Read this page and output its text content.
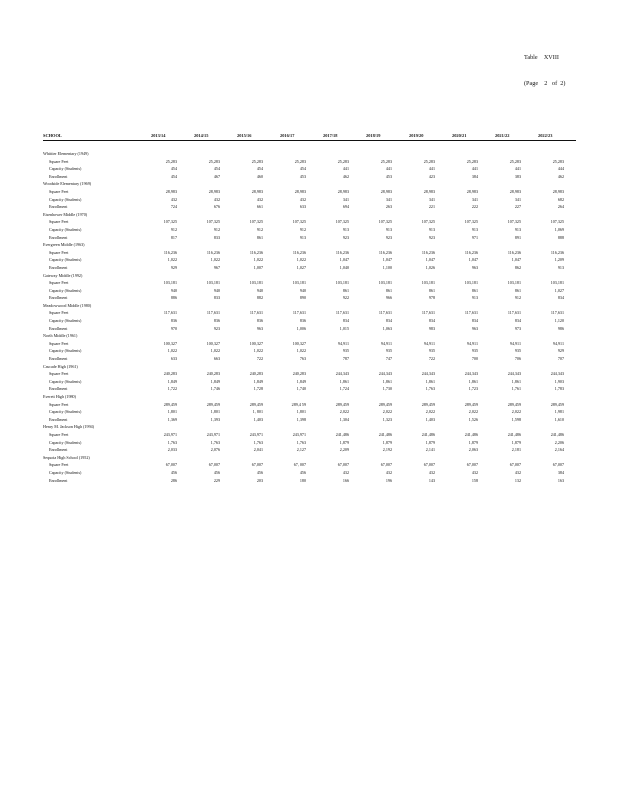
Table    XVIII

(Page    2   of  2)

SCHOOL	2013/14	2014/15	2015/16	2016/17	2017/18	2018/19	2019/20	2020/21	2021/22	2022/23
Whittier Elementary (1949)
Square Feet	25,283	25,283	25,283	25,283	25,283	25,283	25,283	25,283	25,283	25,283
Capacity (Students)	454	454	454	454	441	441	441	441	441	444
Enrollment	454	467	460	453	462	453	423	384	383	462
Woodside Elementary (1969)
Square Feet	28,983	28,983	28,983	28,983	28,983	28,983	28,983	28,983	28,983	28,983
Capacity (Students)	432	432	432	432	341	341	341	341	341	682
Enrollment	724	676	661	633	694	263	221	222	227	264
Eisenhower Middle (1970)
Square Feet	107,325	107,325	107,325	107,325	107,325	107,325	107,325	107,325	107,325	107,325
Capacity (Students)	912	912	912	912	913	913	913	913	913	1,069
Enrollment	817	833	861	913	923	923	923	971	891	888
Evergreen Middle (1963)
Square Feet	116,236	116,236	116,236	116,236	116,236	116,236	116,236	116,236	116,236	116,236
Capacity (Students)	1,022	1,022	1,022	1,022	1,047	1,047	1,047	1,047	1,047	1,209
Enrollment	929	967	1,007	1,027	1,040	1,100	1,026	963	862	913
Gateway Middle (1992)
Square Feet	103,181	103,181	103,181	103,181	103,181	103,181	103,181	103,181	103,181	103,181
Capacity (Students)	940	940	940	940	861	861	861	861	861	1,027
Enrollment	886	833	882	890	922	966	978	913	912	834
Meadowwood Middle (1980)
Square Feet	117,631	117,631	117,631	117,631	117,631	117,631	117,631	117,631	117,631	117,631
Capacity (Students)	836	836	836	836	834	834	834	834	834	1,120
Enrollment	970	923	963	1,006	1,015	1,063	983	963	973	986
North Middle (1961)
Square Feet	100,327	100,327	100,327	100,327	94,911	94,911	94,911	94,911	94,911	94,911
Capacity (Students)	1,022	1,022	1,022	1,022	935	935	935	935	935	929
Enrollment	633	663	722	763	787	747	722	700	706	707
Cascade High (1961)
Square Feet	240,283	240,283	240,283	240,283	244,343	244,343	244,343	244,343	244,343	244,343
Capacity (Students)	1,849	1,849	1,849	1,849	1,861	1,861	1,861	1,861	1,861	1,903
Enrollment	1,722	1,746	1,728	1,740	1,724	1,730	1,763	1,723	1,761	1,783
Everett High (1980)
Square Feet	289,459	289,459	289,459	289,4 59	289,459	289,459	289,459	289,459	289,459	289,459
Capacity (Students)	1,801	1,801	1, 801	1,801	2,022	2,022	2,022	2,022	2,022	1,981
Enrollment	1,369	1,393	1,403	1,398	1,304	1,323	1,403	1,526	1,598	1,610
Henry M. Jackson High (1994)
Square Feet	243,971	243,971	243,971	243,971	241,486	241,486	241,486	241,486	241,486	241,486
Capacity (Students)	1,763	1,763	1,763	1,763	1,879	1,879	1,879	1,879	1,879	2,206
Enrollment	2,033	2,076	2,041	2,127	2,209	2,192	2,141	2,063	2,181	2,164
Sequoia High School (1952)
Square Feet	67,007	67,007	67,007	67, 007	67,007	67,007	67,007	67,007	67,007	67,007
Capacity (Students)	456	456	456	456	432	432	432	432	432	384
Enrollment	286	229	203	180	166	196	143	158	132	163
